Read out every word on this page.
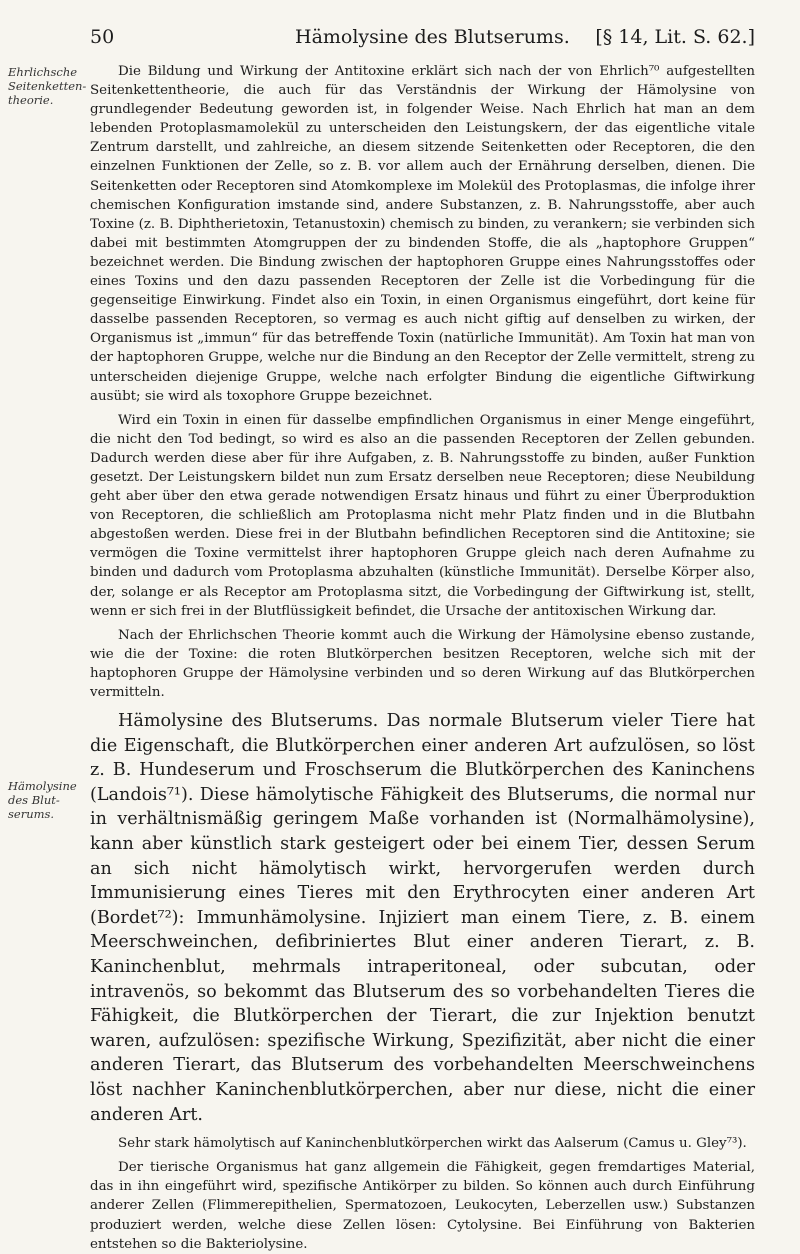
50	Hämolysine des Blutserums. [§ 14, Lit. S. 62.]
Ehrlichsche Seitenketten-theorie.
Hämolysine des Blut-serums.

Die Bildung und Wirkung der Antitoxine erklärt sich nach der von Ehrlich⁷⁰ aufgestellten Seitenkettentheorie, die auch für das Verständnis der Wirkung der Hämolysine von grundlegender Bedeutung geworden ist, in folgender Weise. Nach Ehrlich hat man an dem lebenden Protoplasmamolekül zu unterscheiden den Leistungskern, der das eigentliche vitale Zentrum darstellt, und zahlreiche, an diesem sitzende Seitenketten oder Receptoren, die den einzelnen Funktionen der Zelle, so z. B. vor allem auch der Ernährung derselben, dienen. Die Seitenketten oder Receptoren sind Atomkomplexe im Molekül des Protoplasmas, die infolge ihrer chemischen Konfiguration imstande sind, andere Substanzen, z. B. Nahrungsstoffe, aber auch Toxine (z. B. Diphtherietoxin, Tetanustoxin) chemisch zu binden, zu verankern; sie verbinden sich dabei mit bestimmten Atomgruppen der zu bindenden Stoffe, die als „haptophore Gruppen“ bezeichnet werden. Die Bindung zwischen der haptophoren Gruppe eines Nahrungsstoffes oder eines Toxins und den dazu passenden Receptoren der Zelle ist die Vorbedingung für die gegenseitige Einwirkung. Findet also ein Toxin, in einen Organismus eingeführt, dort keine für dasselbe passenden Receptoren, so vermag es auch nicht giftig auf denselben zu wirken, der Organismus ist „immun“ für das betreffende Toxin (natürliche Immunität). Am Toxin hat man von der haptophoren Gruppe, welche nur die Bindung an den Receptor der Zelle vermittelt, streng zu unterscheiden diejenige Gruppe, welche nach erfolgter Bindung die eigentliche Giftwirkung ausübt; sie wird als toxophore Gruppe bezeichnet.

Wird ein Toxin in einen für dasselbe empfindlichen Organismus in einer Menge eingeführt, die nicht den Tod bedingt, so wird es also an die passenden Receptoren der Zellen gebunden. Dadurch werden diese aber für ihre Aufgaben, z. B. Nahrungsstoffe zu binden, außer Funktion gesetzt. Der Leistungskern bildet nun zum Ersatz derselben neue Receptoren; diese Neubildung geht aber über den etwa gerade notwendigen Ersatz hinaus und führt zu einer Überproduktion von Receptoren, die schließlich am Protoplasma nicht mehr Platz finden und in die Blutbahn abgestoßen werden. Diese frei in der Blutbahn befindlichen Receptoren sind die Antitoxine; sie vermögen die Toxine vermittelst ihrer haptophoren Gruppe gleich nach deren Aufnahme zu binden und dadurch vom Protoplasma abzuhalten (künstliche Immunität). Derselbe Körper also, der, solange er als Receptor am Protoplasma sitzt, die Vorbedingung der Giftwirkung ist, stellt, wenn er sich frei in der Blutflüssigkeit befindet, die Ursache der antitoxischen Wirkung dar.

Nach der Ehrlichschen Theorie kommt auch die Wirkung der Hämolysine ebenso zustande, wie die der Toxine: die roten Blutkörperchen besitzen Receptoren, welche sich mit der haptophoren Gruppe der Hämolysine verbinden und so deren Wirkung auf das Blutkörperchen vermitteln.

Hämolysine des Blutserums. Das normale Blutserum vieler Tiere hat die Eigenschaft, die Blutkörperchen einer anderen Art aufzulösen, so löst z. B. Hundeserum und Froschserum die Blutkörperchen des Kaninchens (Landois⁷¹). Diese hämolytische Fähigkeit des Blutserums, die normal nur in verhältnismäßig geringem Maße vorhanden ist (Normalhämolysine), kann aber künstlich stark gesteigert oder bei einem Tier, dessen Serum an sich nicht hämolytisch wirkt, hervorgerufen werden durch Immunisierung eines Tieres mit den Erythrocyten einer anderen Art (Bordet⁷²): Immunhämolysine. Injiziert man einem Tiere, z. B. einem Meerschweinchen, defibriniertes Blut einer anderen Tierart, z. B. Kaninchenblut, mehrmals intraperitoneal, oder subcutan, oder intravenös, so bekommt das Blutserum des so vorbehandelten Tieres die Fähigkeit, die Blutkörperchen der Tierart, die zur Injektion benutzt waren, aufzulösen: spezifische Wirkung, Spezifizität, aber nicht die einer anderen Tierart, das Blutserum des vorbehandelten Meerschweinchens löst nachher Kaninchenblutkörperchen, aber nur diese, nicht die einer anderen Art.

Sehr stark hämolytisch auf Kaninchenblutkörperchen wirkt das Aalserum (Camus u. Gley⁷³).

Der tierische Organismus hat ganz allgemein die Fähigkeit, gegen fremdartiges Material, das in ihn eingeführt wird, spezifische Antikörper zu bilden. So können auch durch Einführung anderer Zellen (Flimmerepithelien, Spermatozoen, Leukocyten, Leberzellen usw.) Substanzen produziert werden, welche diese Zellen lösen: Cytolysine. Bei Einführung von Bakterien entstehen so die Bakteriolysine.
